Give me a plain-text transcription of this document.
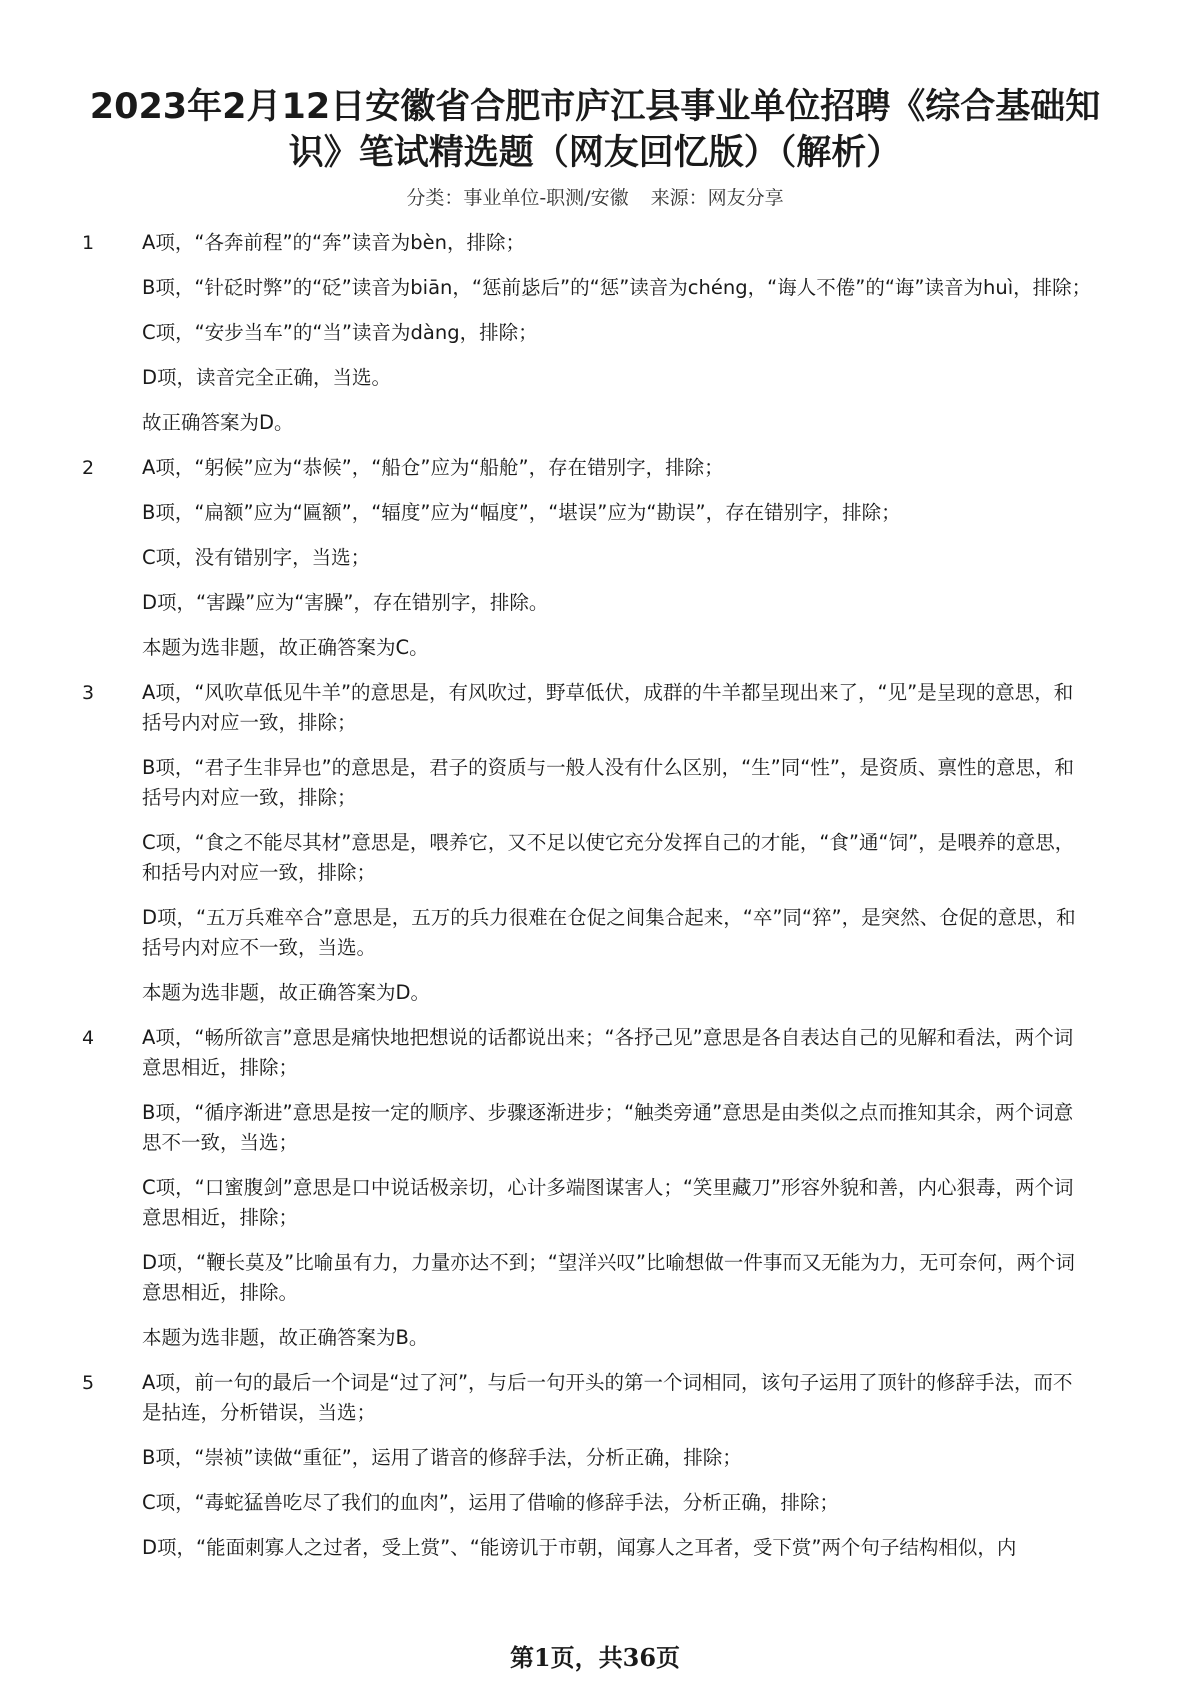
2023年2月12日安徽省合肥市庐江县事业单位招聘《综合基础知识》笔试精选题（网友回忆版）（解析）
分类：事业单位-职测/安徽 来源：网友分享
1	A项，“各奔前程”的“奔”读音为bèn，排除；
B项，“针砭时弊”的“砭”读音为biān，“惩前毖后”的“惩”读音为chéng，“诲人不倦”的“诲”读音为huì，排除；
C项，“安步当车”的“当”读音为dàng，排除；
D项，读音完全正确，当选。
故正确答案为D。
2	A项，“躬候”应为“恭候”，“船仓”应为“船舱”，存在错别字，排除；
B项，“扁额”应为“匾额”，“辐度”应为“幅度”，“堪误”应为“勘误”，存在错别字，排除；
C项，没有错别字，当选；
D项，“害躁”应为“害臊”，存在错别字，排除。
本题为选非题，故正确答案为C。
3	A项，“风吹草低见牛羊”的意思是，有风吹过，野草低伏，成群的牛羊都呈现出来了，“见”是呈现的意思，和括号内对应一致，排除；
B项，“君子生非异也”的意思是，君子的资质与一般人没有什么区别，“生”同“性”，是资质、禀性的意思，和括号内对应一致，排除；
C项，“食之不能尽其材”意思是，喂养它，又不足以使它充分发挥自己的才能，“食”通“饲”，是喂养的意思，和括号内对应一致，排除；
D项，“五万兵难卒合”意思是，五万的兵力很难在仓促之间集合起来，“卒”同“猝”，是突然、仓促的意思，和括号内对应不一致，当选。
本题为选非题，故正确答案为D。
4	A项，“畅所欲言”意思是痛快地把想说的话都说出来；“各抒己见”意思是各自表达自己的见解和看法，两个词意思相近，排除；
B项，“循序渐进”意思是按一定的顺序、步骤逐渐进步；“触类旁通”意思是由类似之点而推知其余，两个词意思不一致，当选；
C项，“口蜜腹剑”意思是口中说话极亲切，心计多端图谋害人；“笑里藏刀”形容外貌和善，内心狠毒，两个词意思相近，排除；
D项，“鞭长莫及”比喻虽有力，力量亦达不到；“望洋兴叹”比喻想做一件事而又无能为力，无可奈何，两个词意思相近，排除。
本题为选非题，故正确答案为B。
5	A项，前一句的最后一个词是“过了河”，与后一句开头的第一个词相同，该句子运用了顶针的修辞手法，而不是拈连，分析错误，当选；
B项，“崇祯”读做“重征”，运用了谐音的修辞手法，分析正确，排除；
C项，“毒蛇猛兽吃尽了我们的血肉”，运用了借喻的修辞手法，分析正确，排除；
D项，“能面刺寡人之过者，受上赏”、“能谤讥于市朝，闻寡人之耳者，受下赏”两个句子结构相似，内
第1页，共36页
